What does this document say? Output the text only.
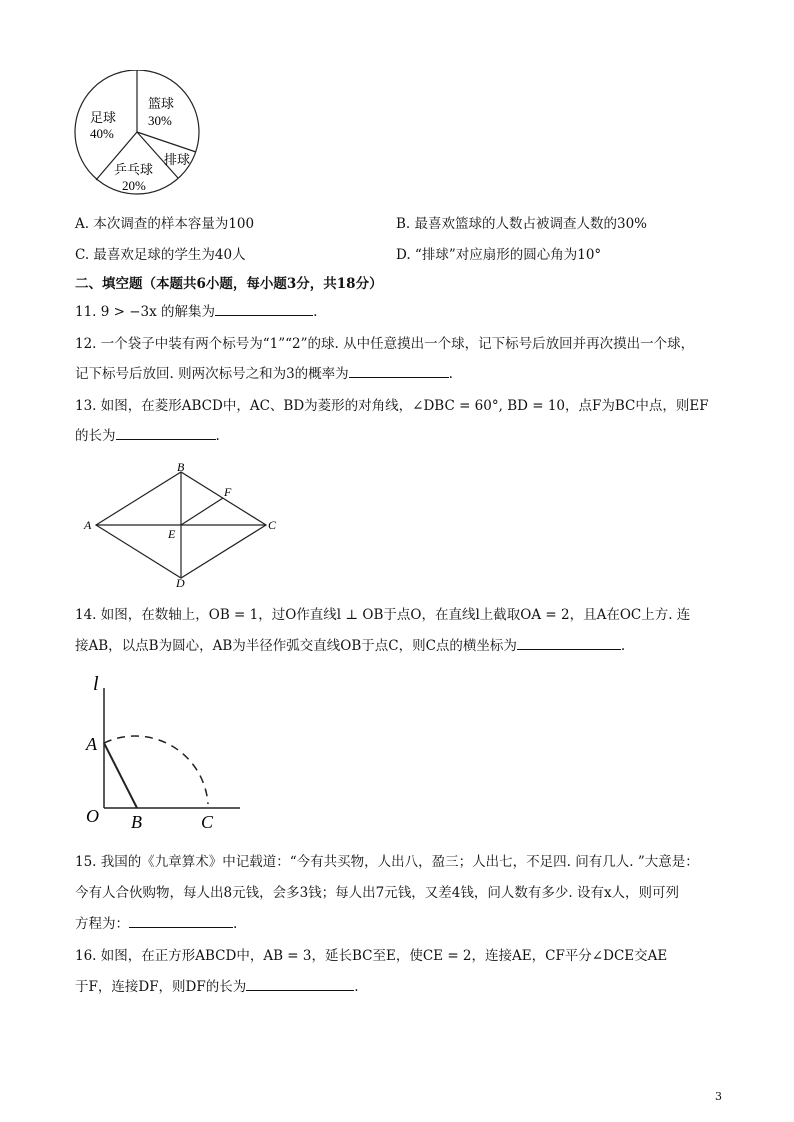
足球
40%
篮球
30%
排球
乒乓球
20%
A. 本次调查的样本容量为100	B. 最喜欢篮球的人数占被调查人数的30%
C. 最喜欢足球的学生为40人	D. “排球”对应扇形的圆心角为10°
二、填空题（本题共6小题，每小题3分，共18分）
11. 9 > −3x 的解集为	.
12. 一个袋子中装有两个标号为“1”“2”的球. 从中任意摸出一个球，记下标号后放回并再次摸出一个球，
记下标号后放回. 则两次标号之和为3的概率为	.
13. 如图，在菱形ABCD中，AC、BD为菱形的对角线，∠DBC = 60°, BD = 10，点F为BC中点，则EF
的长为	.
B
F
A	C
E
D
14. 如图，在数轴上，OB = 1，过O作直线l ⊥ OB于点O，在直线l上截取OA = 2，且A在OC上方. 连
接AB，以点B为圆心，AB为半径作弧交直线OB于点C，则C点的横坐标为	.
l
A
O B	C
15. 我国的《九章算术》中记载道：“今有共买物，人出八，盈三；人出七，不足四. 问有几人. ”大意是：
今有人合伙购物，每人出8元钱，会多3钱；每人出7元钱，又差4钱，问人数有多少. 设有x人，则可列
方程为：	.
16. 如图，在正方形ABCD中，AB = 3，延长BC至E，使CE = 2，连接AE，CF平分∠DCE交AE
于F，连接DF，则DF的长为	.
3
